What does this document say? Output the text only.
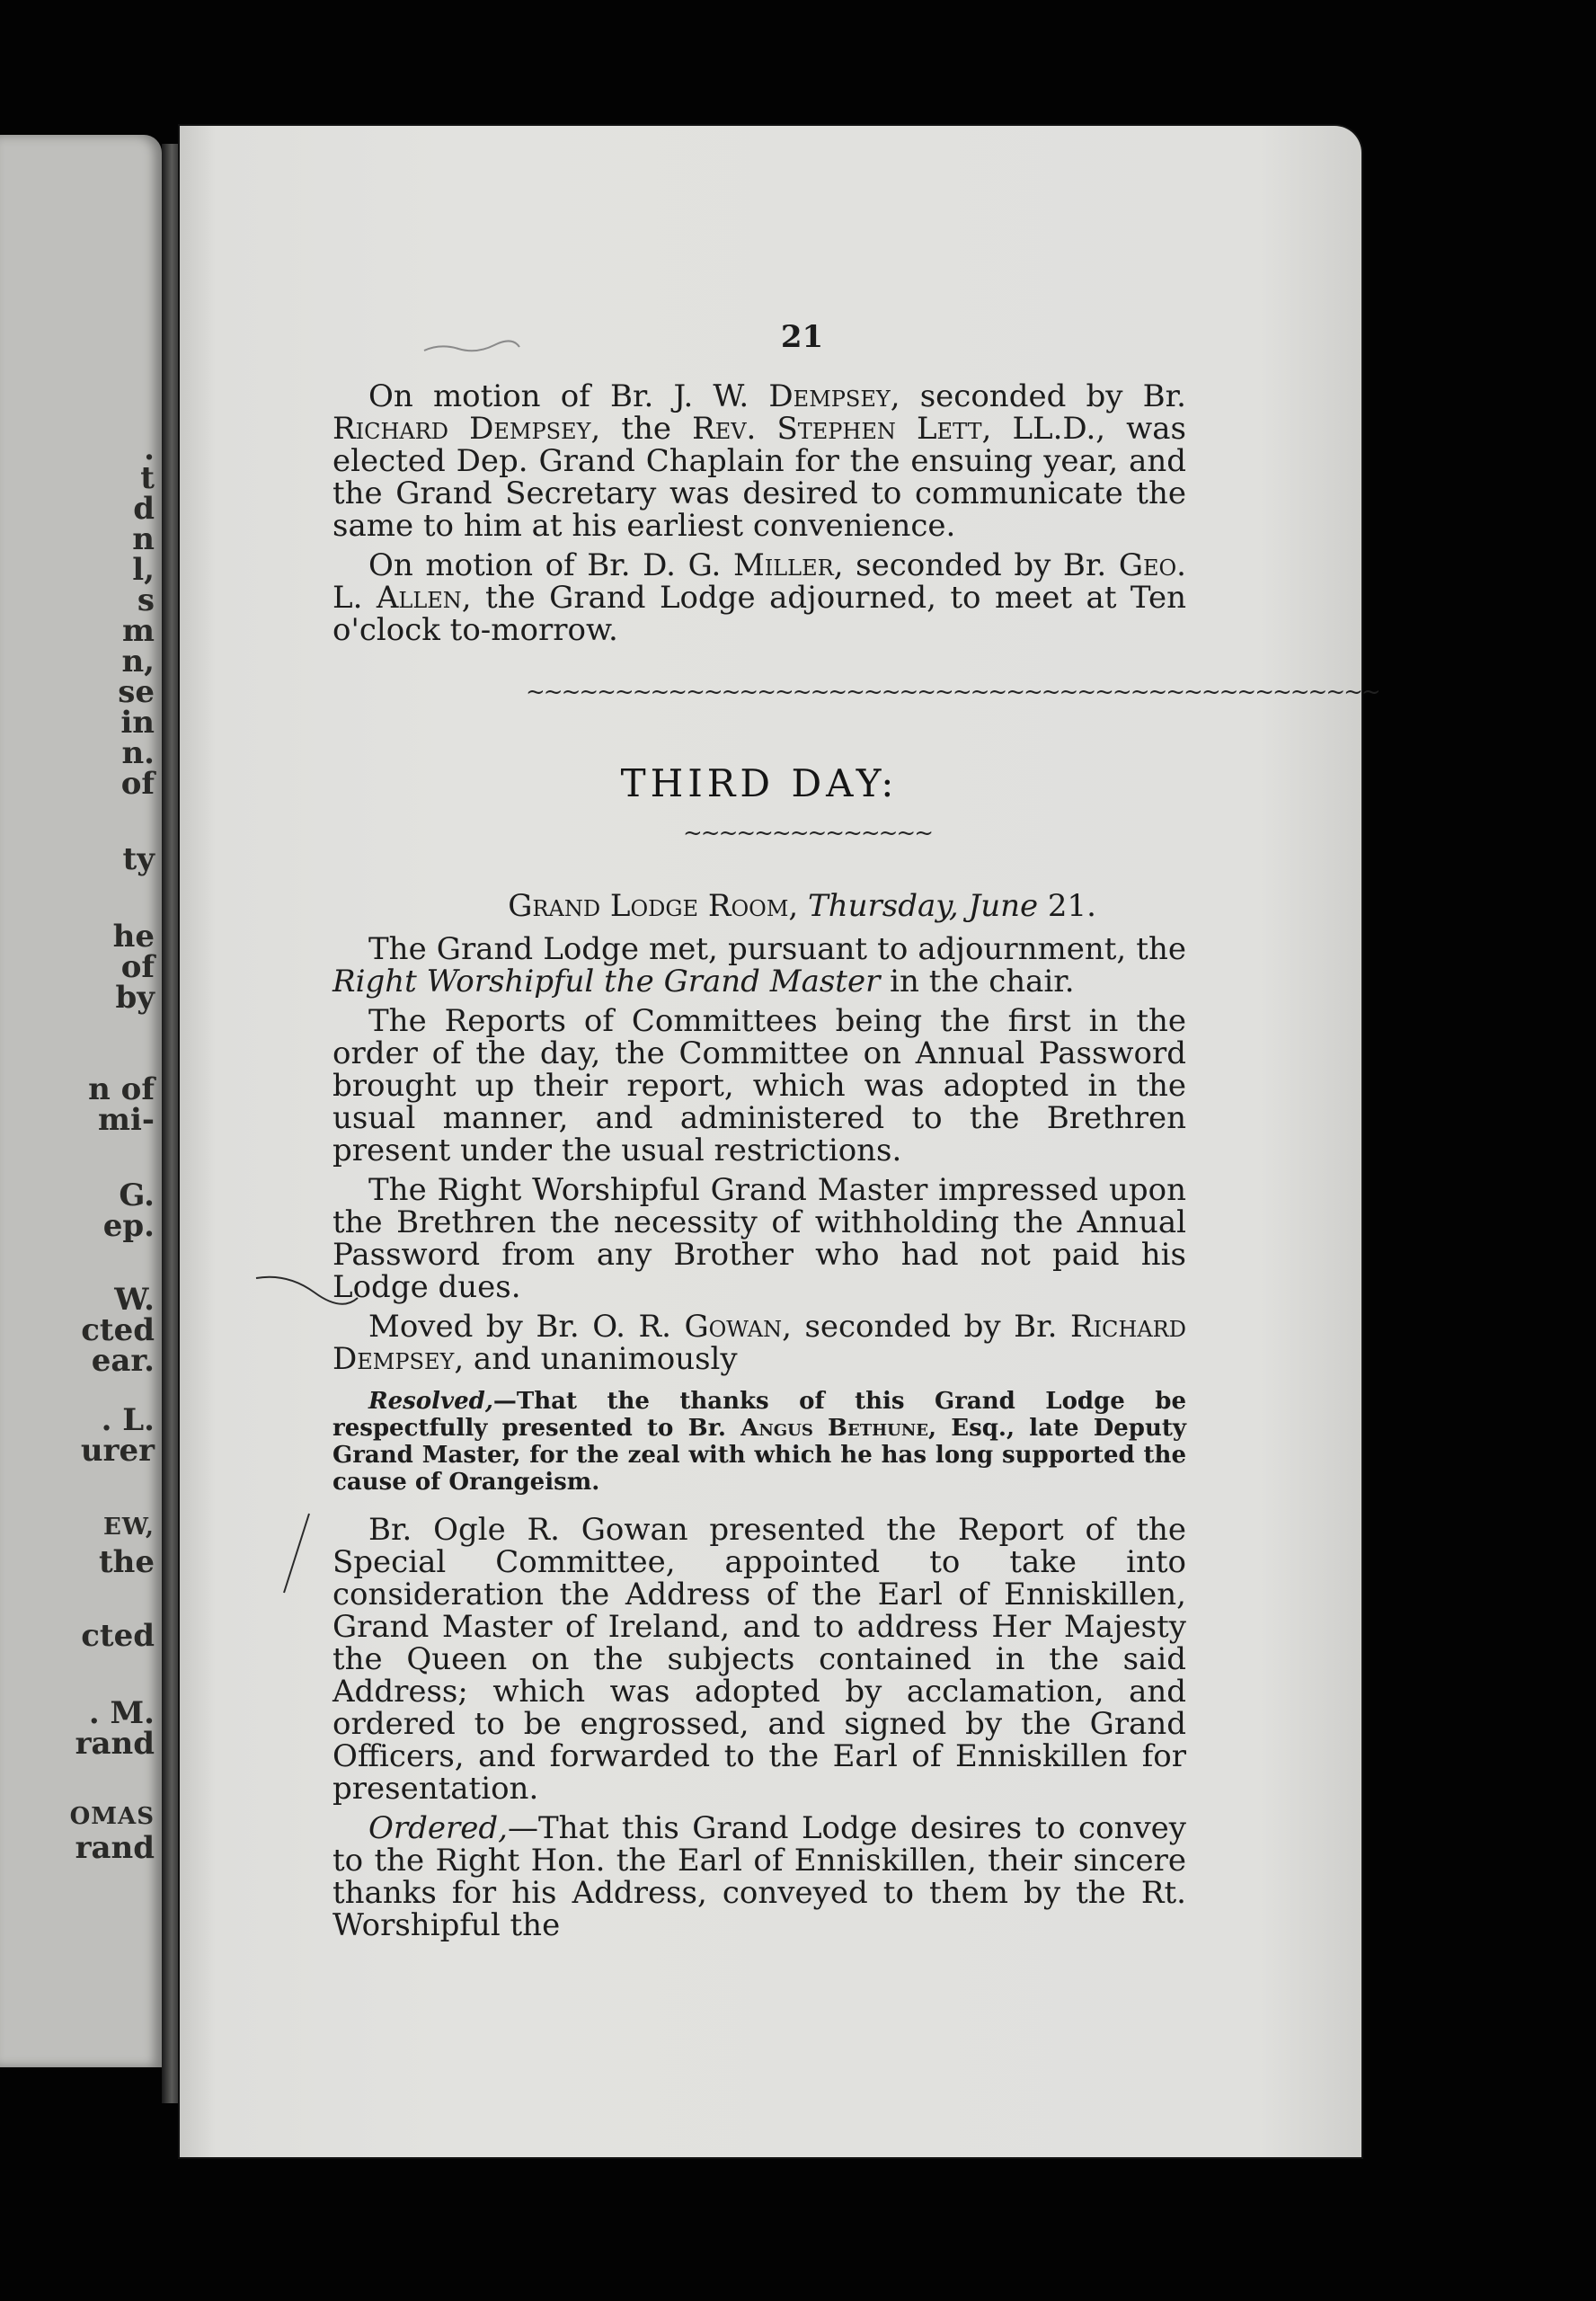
.
t
d
n
l,
s
m
n,
se
in
n.
of
ty
he
of
by
n of
mi-
G.
ep.
W.
cted
ear.
. L.
urer
EW,
the
cted
. M.
rand
OMAS
rand
21

On motion of Br. J. W. Dempsey, seconded by Br. Richard Dempsey, the Rev. Stephen Lett, LL.D., was elected Dep. Grand Chaplain for the ensuing year, and the Grand Secretary was desired to communicate the same to him at his earliest convenience.

On motion of Br. D. G. Miller, seconded by Br. Geo. L. Allen, the Grand Lodge adjourned, to meet at Ten o'clock to-morrow.

~~~~~~~~~~~~~~~~~~~~~~~~~~~~~~~~~~~~~~~~~~~~~~~~
THIRD DAY:
~~~~~~~~~~~~~~
Grand Lodge Room, Thursday, June 21.

The Grand Lodge met, pursuant to adjournment, the Right Worshipful the Grand Master in the chair.

The Reports of Committees being the first in the order of the day, the Committee on Annual Password brought up their report, which was adopted in the usual manner, and administered to the Brethren present under the usual restrictions.

The Right Worshipful Grand Master impressed upon the Brethren the necessity of withholding the Annual Password from any Brother who had not paid his Lodge dues.

Moved by Br. O. R. Gowan, seconded by Br. Richard Dempsey, and unanimously

Resolved,—That the thanks of this Grand Lodge be respectfully presented to Br. Angus Bethune, Esq., late Deputy Grand Master, for the zeal with which he has long supported the cause of Orangeism.

Br. Ogle R. Gowan presented the Report of the Special Committee, appointed to take into consideration the Address of the Earl of Enniskillen, Grand Master of Ireland, and to address Her Majesty the Queen on the subjects contained in the said Address; which was adopted by acclamation, and ordered to be engrossed, and signed by the Grand Officers, and forwarded to the Earl of Enniskillen for presentation.

Ordered,—That this Grand Lodge desires to convey to the Right Hon. the Earl of Enniskillen, their sincere thanks for his Address, conveyed to them by the Rt. Worshipful the
